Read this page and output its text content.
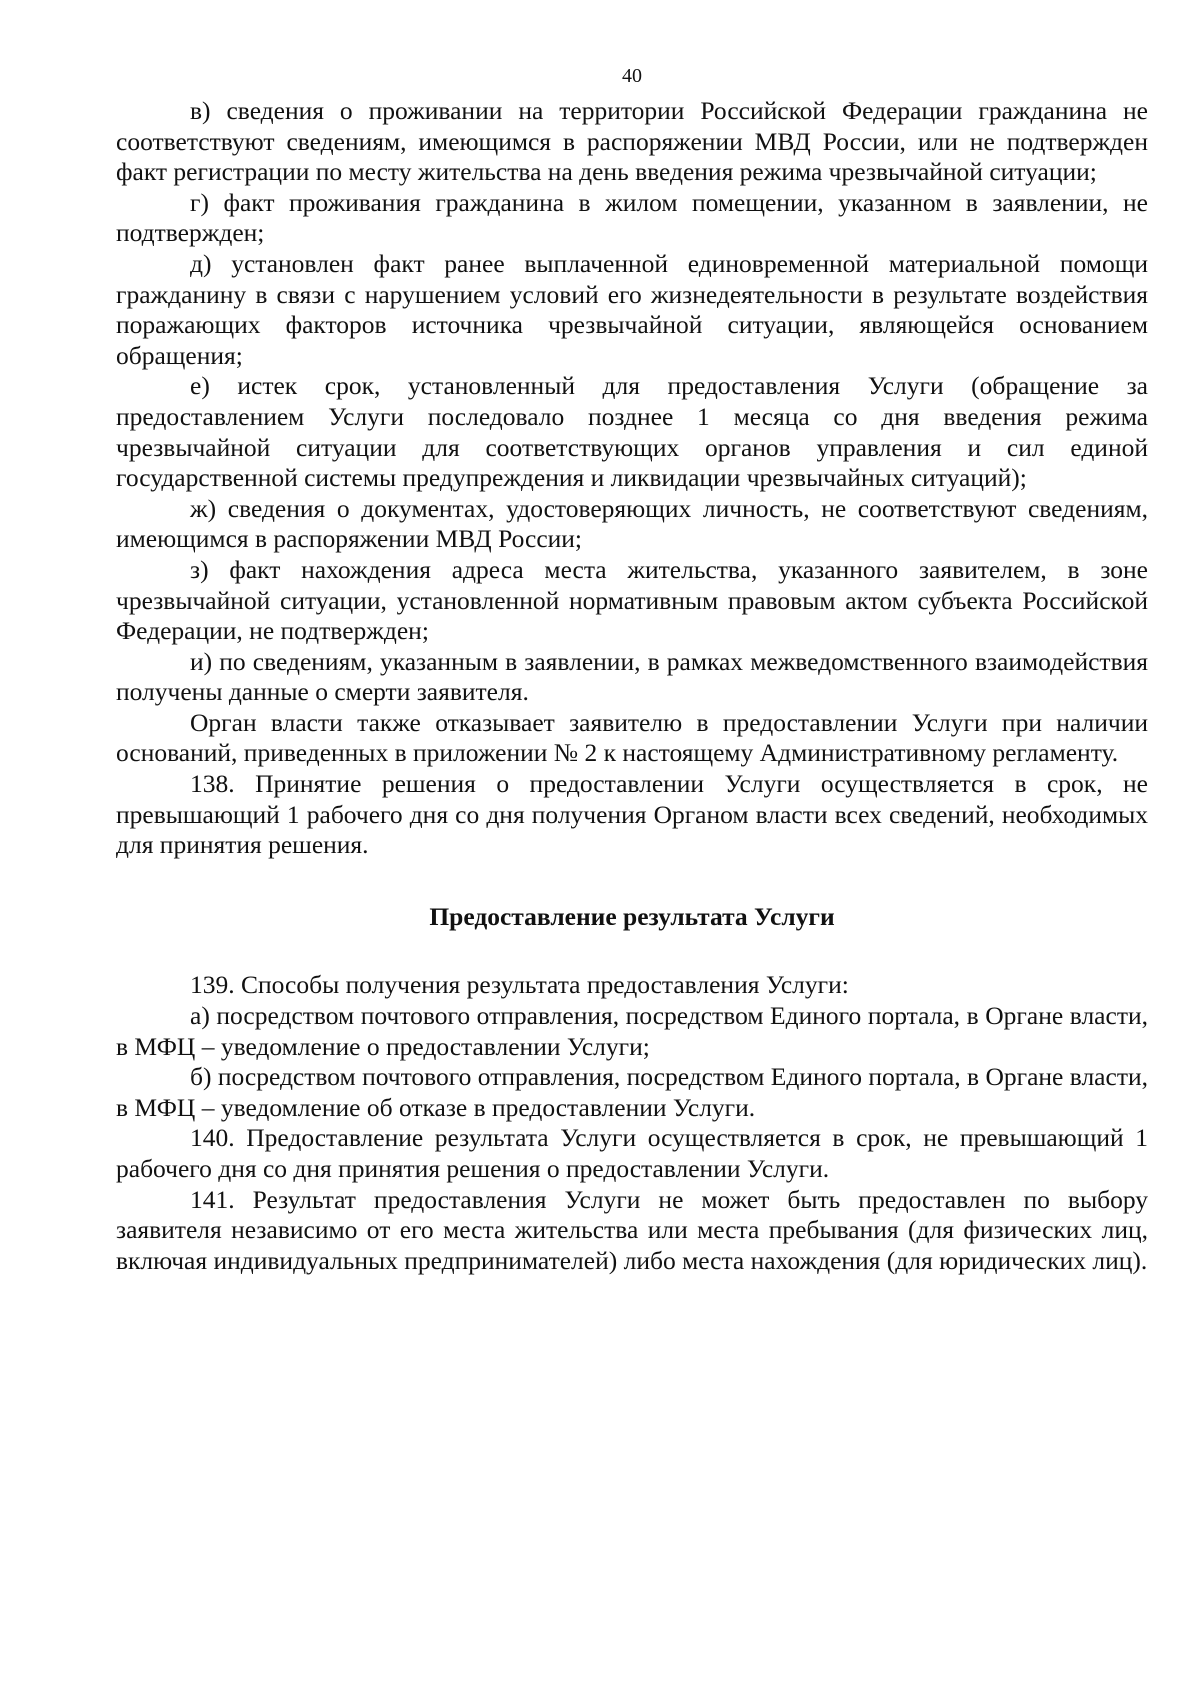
40

в) сведения о проживании на территории Российской Федерации гражданина не соответствуют сведениям, имеющимся в распоряжении МВД России, или не подтвержден факт регистрации по месту жительства на день введения режима чрезвычайной ситуации;

г) факт проживания гражданина в жилом помещении, указанном в заявлении, не подтвержден;

д) установлен факт ранее выплаченной единовременной материальной помощи гражданину в связи с нарушением условий его жизнедеятельности в результате воздействия поражающих факторов источника чрезвычайной ситуации, являющейся основанием обращения;

е) истек срок, установленный для предоставления Услуги (обращение за предоставлением Услуги последовало позднее 1 месяца со дня введения режима чрезвычайной ситуации для соответствующих органов управления и сил единой государственной системы предупреждения и ликвидации чрезвычайных ситуаций);

ж) сведения о документах, удостоверяющих личность, не соответствуют сведениям, имеющимся в распоряжении МВД России;

з) факт нахождения адреса места жительства, указанного заявителем, в зоне чрезвычайной ситуации, установленной нормативным правовым актом субъекта Российской Федерации, не подтвержден;

и) по сведениям, указанным в заявлении, в рамках межведомственного взаимодействия получены данные о смерти заявителя.

Орган власти также отказывает заявителю в предоставлении Услуги при наличии оснований, приведенных в приложении № 2 к настоящему Административному регламенту.

138. Принятие решения о предоставлении Услуги осуществляется в срок, не превышающий 1 рабочего дня со дня получения Органом власти всех сведений, необходимых для принятия решения.

Предоставление результата Услуги

139. Способы получения результата предоставления Услуги:

а) посредством почтового отправления, посредством Единого портала, в Органе власти, в МФЦ – уведомление о предоставлении Услуги;

б) посредством почтового отправления, посредством Единого портала, в Органе власти, в МФЦ – уведомление об отказе в предоставлении Услуги.

140. Предоставление результата Услуги осуществляется в срок, не превышающий 1 рабочего дня со дня принятия решения о предоставлении Услуги.

141. Результат предоставления Услуги не может быть предоставлен по выбору заявителя независимо от его места жительства или места пребывания (для физических лиц, включая индивидуальных предпринимателей) либо места нахождения (для юридических лиц).
